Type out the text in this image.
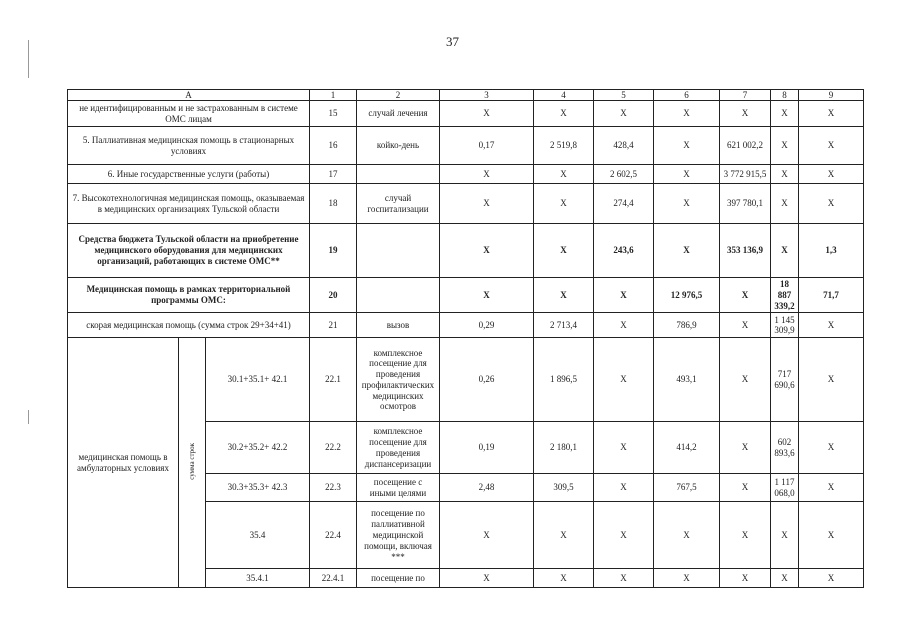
37
А			1	2	3	4	5	6	7	8	9
не идентифицированным и не застрахованным в системе ОМС лицам			15	случай лечения	X	X	X	X	X	X	X
5. Паллиативная медицинская помощь в стационарных условиях			16	койко-день	0,17	2 519,8	428,4	X	621 002,2	X	X
6. Иные государственные услуги (работы)			17		X	X	2 602,5	X	3 772 915,5	X	X
7. Высокотехнологичная медицинская помощь, оказываемая в медицинских организациях Тульской области			18	случай госпитализации	X	X	274,4	X	397 780,1	X	X
Средства бюджета Тульской области на приобретение медицинского оборудования для медицинских организаций, работающих в системе ОМС**			19		X	X	243,6	X	353 136,9	X	1,3
Медицинская помощь в рамках территориальной программы ОМС:			20		X	X	X	12 976,5	X	18 887 339,2	71,7
скорая медицинская помощь (сумма строк 29+34+41)			21	вызов	0,29	2 713,4	X	786,9	X	1 145 309,9	X
медицинская помощь в амбулаторных условиях	сумма строк	30.1+35.1+ 42.1	22.1	комплексное посещение для проведения профилактических медицинских осмотров	0,26	1 896,5	X	493,1	X	717 690,6	X
		30.2+35.2+ 42.2	22.2	комплексное посещение для проведения диспансеризации	0,19	2 180,1	X	414,2	X	602 893,6	X
		30.3+35.3+ 42.3	22.3	посещение с иными целями	2,48	309,5	X	767,5	X	1 117 068,0	X
		35.4	22.4	посещение по паллиативной медицинской помощи, включая ***	X	X	X	X	X	X	X
		35.4.1	22.4.1	посещение по	X	X	X	X	X	X	X
